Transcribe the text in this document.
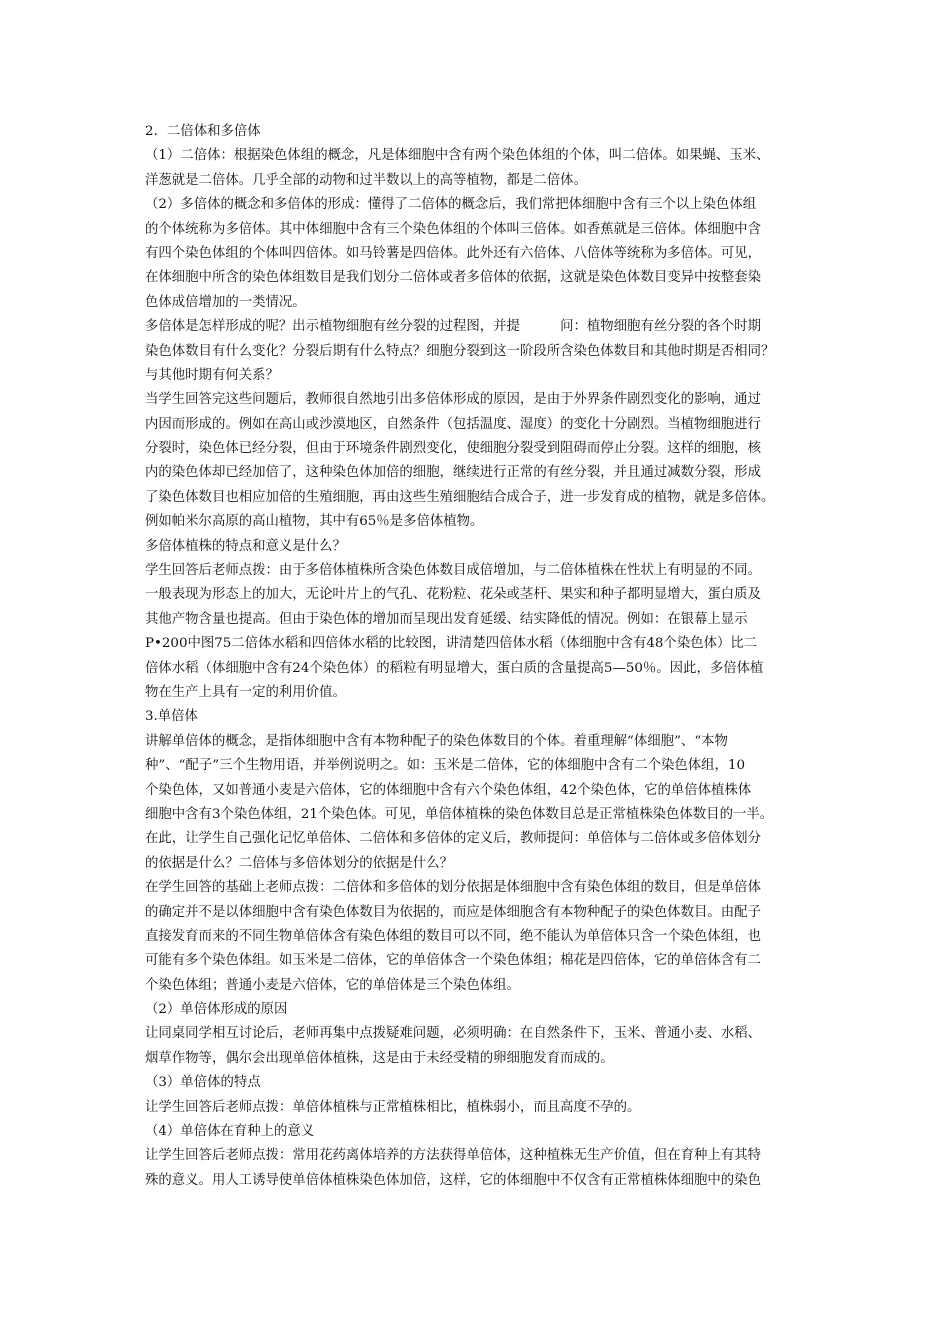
2．二倍体和多倍体
（1）二倍体：根据染色体组的概念，凡是体细胞中含有两个染色体组的个体，叫二倍体。如果蝇、玉米、
洋葱就是二倍体。几乎全部的动物和过半数以上的高等植物，都是二倍体。
（2）多倍体的概念和多倍体的形成：懂得了二倍体的概念后，我们常把体细胞中含有三个以上染色体组
的个体统称为多倍体。其中体细胞中含有三个染色体组的个体叫三倍体。如香蕉就是三倍体。体细胞中含
有四个染色体组的个体叫四倍体。如马铃薯是四倍体。此外还有六倍体、八倍体等统称为多倍体。可见，
在体细胞中所含的染色体组数目是我们划分二倍体或者多倍体的依据，这就是染色体数目变异中按整套染
色体成倍增加的一类情况。
多倍体是怎样形成的呢？出示植物细胞有丝分裂的过程图，并提　　　问：植物细胞有丝分裂的各个时期
染色体数目有什么变化？分裂后期有什么特点？细胞分裂到这一阶段所含染色体数目和其他时期是否相同？
与其他时期有何关系？
当学生回答完这些问题后，教师很自然地引出多倍体形成的原因，是由于外界条件剧烈变化的影响，通过
内因而形成的。例如在高山或沙漠地区，自然条件（包括温度、湿度）的变化十分剧烈。当植物细胞进行
分裂时，染色体已经分裂，但由于环境条件剧烈变化，使细胞分裂受到阻碍而停止分裂。这样的细胞，核
内的染色体却已经加倍了，这种染色体加倍的细胞，继续进行正常的有丝分裂，并且通过减数分裂，形成
了染色体数目也相应加倍的生殖细胞，再由这些生殖细胞结合成合子，进一步发育成的植物，就是多倍体。
例如帕米尔高原的高山植物，其中有65％是多倍体植物。
多倍体植株的特点和意义是什么？
学生回答后老师点拨：由于多倍体植株所含染色体数目成倍增加，与二倍体植株在性状上有明显的不同。
一般表现为形态上的加大，无论叶片上的气孔、花粉粒、花朵或茎杆、果实和种子都明显增大，蛋白质及
其他产物含量也提高。但由于染色体的增加而呈现出发育延缓、结实降低的情况。例如：在银幕上显示
P•200中图75二倍体水稻和四倍体水稻的比较图，讲清楚四倍体水稻（体细胞中含有48个染色体）比二
倍体水稻（体细胞中含有24个染色体）的稻粒有明显增大，蛋白质的含量提高5—50％。因此，多倍体植
物在生产上具有一定的利用价值。
3.单倍体
讲解单倍体的概念，是指体细胞中含有本物种配子的染色体数目的个体。着重理解“体细胞”、“本物
种”、“配子”三个生物用语，并举例说明之。如：玉米是二倍体，它的体细胞中含有二个染色体组，10
个染色体，又如普通小麦是六倍体，它的体细胞中含有六个染色体组，42个染色体，它的单倍体植株体
细胞中含有3个染色体组，21个染色体。可见，单倍体植株的染色体数目总是正常植株染色体数目的一半。
在此，让学生自己强化记忆单倍体、二倍体和多倍体的定义后，教师提问：单倍体与二倍体或多倍体划分
的依据是什么？二倍体与多倍体划分的依据是什么？
在学生回答的基础上老师点拨：二倍体和多倍体的划分依据是体细胞中含有染色体组的数目，但是单倍体
的确定并不是以体细胞中含有染色体数目为依据的，而应是体细胞含有本物种配子的染色体数目。由配子
直接发育而来的不同生物单倍体含有染色体组的数目可以不同，绝不能认为单倍体只含一个染色体组，也
可能有多个染色体组。如玉米是二倍体，它的单倍体含一个染色体组；棉花是四倍体，它的单倍体含有二
个染色体组；普通小麦是六倍体，它的单倍体是三个染色体组。
（2）单倍体形成的原因
让同桌同学相互讨论后，老师再集中点拨疑难问题，必须明确：在自然条件下，玉米、普通小麦、水稻、
烟草作物等，偶尔会出现单倍体植株，这是由于未经受精的卵细胞发育而成的。
（3）单倍体的特点
让学生回答后老师点拨：单倍体植株与正常植株相比，植株弱小，而且高度不孕的。
（4）单倍体在育种上的意义
让学生回答后老师点拨：常用花药离体培养的方法获得单倍体，这种植株无生产价值，但在育种上有其特
殊的意义。用人工诱导使单倍体植株染色体加倍，这样，它的体细胞中不仅含有正常植株体细胞中的染色
